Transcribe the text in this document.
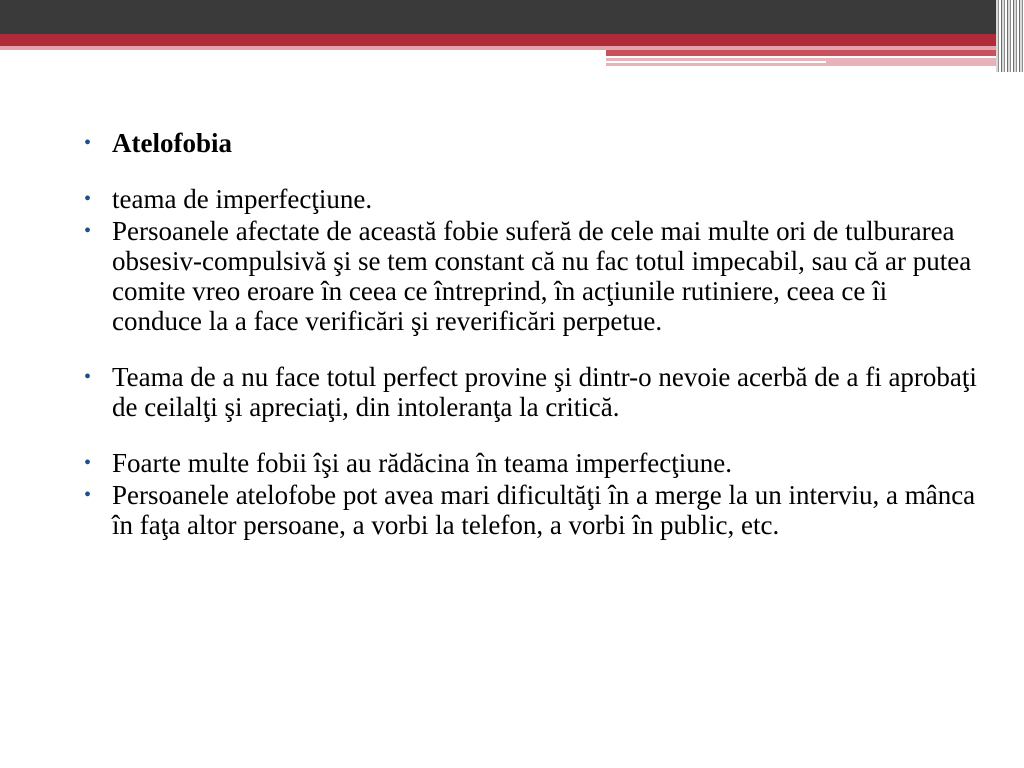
• Atelofobia
• teama de imperfecţiune.
• Persoanele afectate de această fobie suferă de cele mai multe ori de tulburarea obsesiv-compulsivă şi se tem constant că nu fac totul impecabil, sau că ar putea comite vreo eroare în ceea ce întreprind, în acţiunile rutiniere, ceea ce îi conduce la a face verificări şi reverificări perpetue.
• Teama de a nu face totul perfect provine şi dintr-o nevoie acerbă de a fi aprobaţi de ceilalţi şi apreciaţi, din intoleranţa la critică.
• Foarte multe fobii îşi au rădăcina în teama imperfecţiune.
• Persoanele atelofobe pot avea mari dificultăţi în a merge la un interviu, a mânca în faţa altor persoane, a vorbi la telefon, a vorbi în public, etc.
